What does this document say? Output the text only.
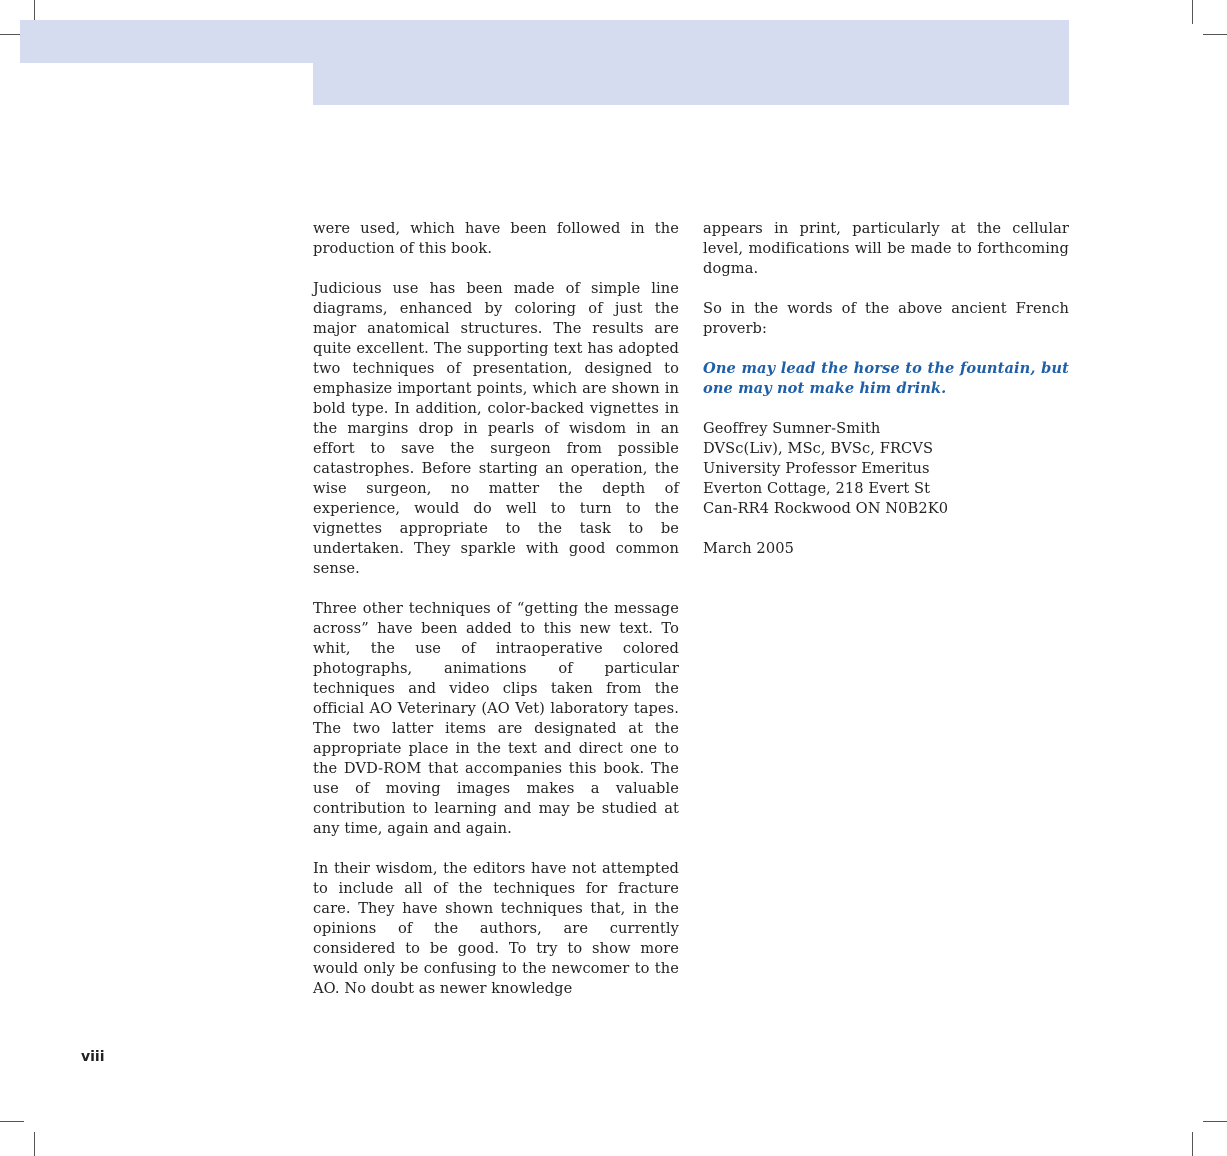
were used, which have been followed in the production of this book.

Judicious use has been made of simple line diagrams, enhanced by coloring of just the major anatomical structures. The results are quite excellent. The supporting text has adopted two techniques of presentation, designed to emphasize important points, which are shown in bold type. In addition, color-backed vignettes in the margins drop in pearls of wisdom in an effort to save the surgeon from possible catastrophes. Before starting an operation, the wise surgeon, no matter the depth of experience, would do well to turn to the vignettes appropriate to the task to be undertaken. They sparkle with good common sense.

Three other techniques of “getting the message across” have been added to this new text. To whit, the use of intraoperative colored photographs, animations of particular techniques and video clips taken from the official AO Veterinary (AO Vet) laboratory tapes. The two latter items are designated at the appropriate place in the text and direct one to the DVD-ROM that accompanies this book. The use of moving images makes a valuable contribution to learning and may be studied at any time, again and again.

In their wisdom, the editors have not attempted to include all of the techniques for fracture care. They have shown techniques that, in the opinions of the authors, are currently considered to be good. To try to show more would only be confusing to the newcomer to the AO. No doubt as newer knowledge

appears in print, particularly at the cellular level, modifications will be made to forthcoming dogma.

So in the words of the above ancient French proverb:

One may lead the horse to the fountain, but one may not make him drink.

Geoffrey Sumner-Smith
DVSc(Liv), MSc, BVSc, FRCVS
University Professor Emeritus
Everton Cottage, 218 Evert St
Can-RR4 Rockwood ON N0B2K0

March 2005

viii
